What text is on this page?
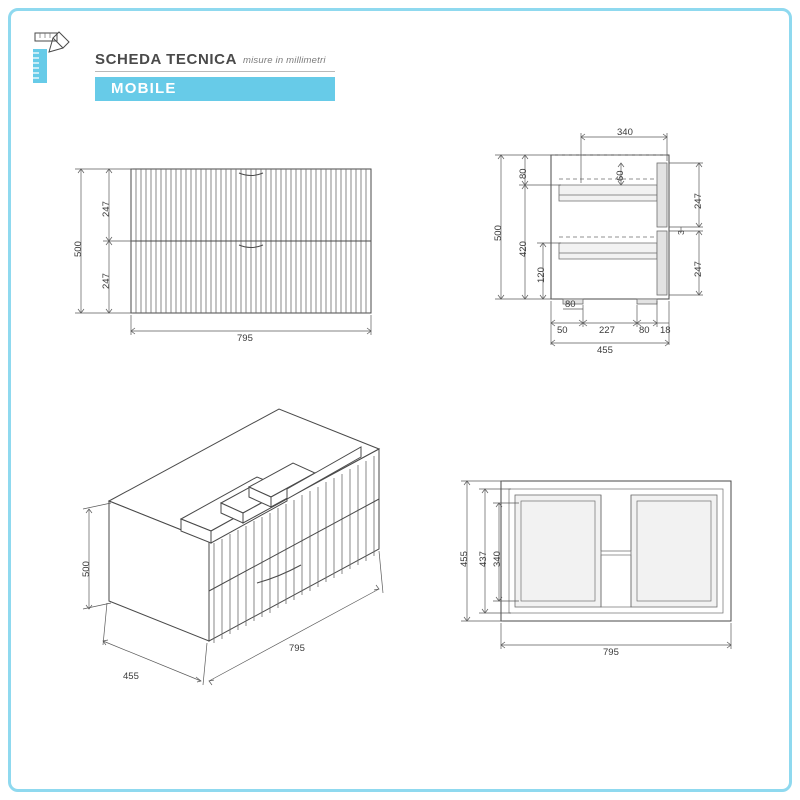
SCHEDA TECNICA misure in millimetri
MOBILE
500
247
247
795
340
60
247
247
3
500
420
80
120
80
50	227	80 18
455
500
455
795
455 437 340
795
